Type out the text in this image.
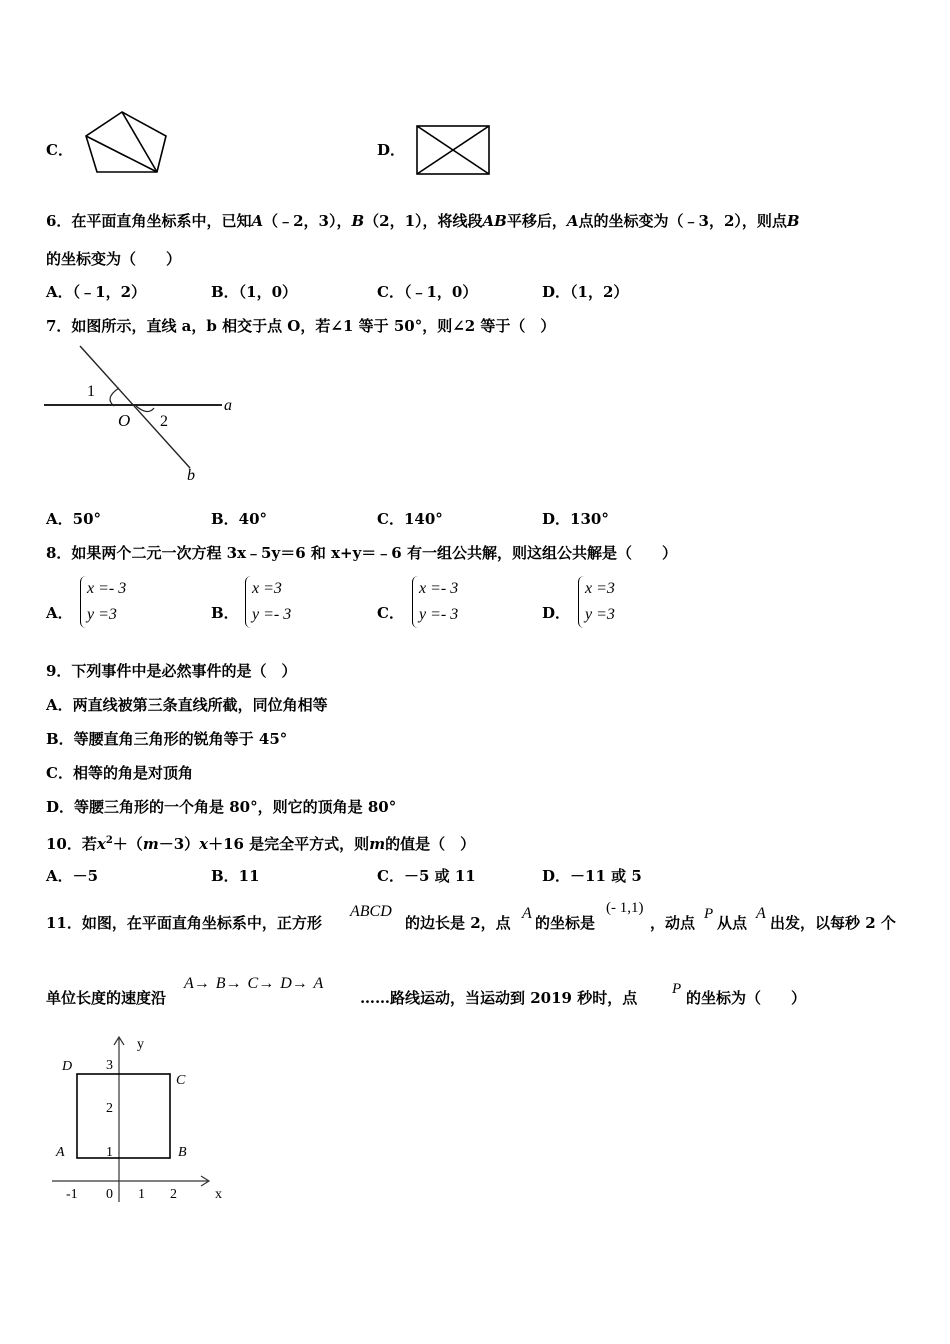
C．	D．
6．在平面直角坐标系中，已知A（﹣2，3），B（2，1），将线段AB平移后，A点的坐标变为（﹣3，2），则点B
的坐标变为（　　）
A．（﹣1，2）	B．（1，0）	C．（﹣1，0）	D．（1，2）
7．如图所示，直线 a，b 相交于点 O，若∠1 等于 50°，则∠2 等于（　）
1
O 2
a
b
A．50°	B．40°	C．140°	D．130°
8．如果两个二元一次方程 3x﹣5y＝6 和 x+y＝﹣6 有一组公共解，则这组公共解是（　　）
A．
x =- 3
y =3	B．
x =3
y =- 3	C．
x =- 3
y =- 3	D．
x =3
y =3
9．下列事件中是必然事件的是（　）
A．两直线被第三条直线所截，同位角相等
B．等腰直角三角形的锐角等于 45°
C．相等的角是对顶角
D．等腰三角形的一个角是 80°，则它的顶角是 80°
10．若$x^2+(m-3)x+16$ 是完全平方式，则m的值是（　）
A．－5	B．11	C．－5 或 11	D．－11 或 5
11．如图，在平面直角坐标系中，正方形
ABCD
的边长是 2，点
A
的坐标是
(- 1,1)
，动点 P 从点
A
出发，以每秒 2 个
单位长度的速度沿
A→ B→ C→ D→ A
……路线运动，当运动到 2019 秒时，点 P 的坐标为（　　）
D
C
A	B
y
x
3
2
1
-1 0 1 2
